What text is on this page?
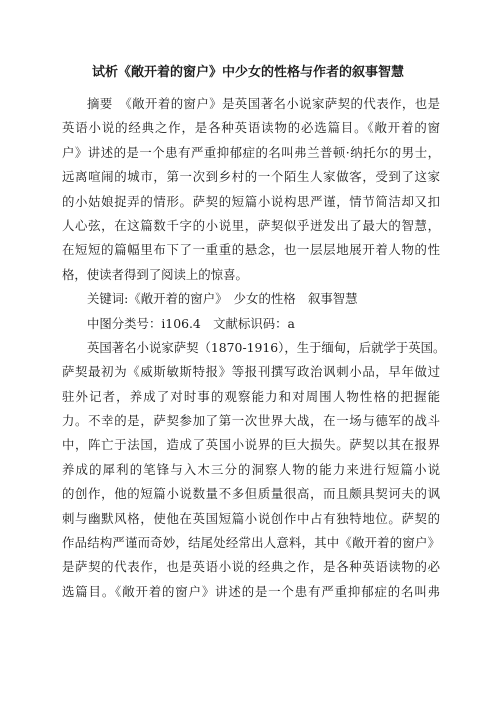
试析《敞开着的窗户》中少女的性格与作者的叙事智慧
摘要　《敞开着的窗户》是英国著名小说家萨契的代表作，也是
英语小说的经典之作，是各种英语读物的必选篇目。《敞开着的窗
户》讲述的是一个患有严重抑郁症的名叫弗兰普顿·纳托尔的男士，
远离喧闹的城市，第一次到乡村的一个陌生人家做客，受到了这家
的小姑娘捉弄的情形。萨契的短篇小说构思严谨，情节简洁却又扣
人心弦，在这篇数千字的小说里，萨契似乎迸发出了最大的智慧，
在短短的篇幅里布下了一重重的悬念，也一层层地展开着人物的性
格，使读者得到了阅读上的惊喜。
关键词:《敞开着的窗户》　少女的性格　叙事智慧
中图分类号：i106.4　文献标识码：a
英国著名小说家萨契（1870-1916），生于缅甸，后就学于英国。
萨契最初为《威斯敏斯特报》等报刊撰写政治讽刺小品，早年做过
驻外记者，养成了对时事的观察能力和对周围人物性格的把握能
力。不幸的是，萨契参加了第一次世界大战，在一场与德军的战斗
中，阵亡于法国，造成了英国小说界的巨大损失。萨契以其在报界
养成的犀利的笔锋与入木三分的洞察人物的能力来进行短篇小说
的创作，他的短篇小说数量不多但质量很高，而且颇具契诃夫的讽
刺与幽默风格，使他在英国短篇小说创作中占有独特地位。萨契的
作品结构严谨而奇妙，结尾处经常出人意料，其中《敞开着的窗户》
是萨契的代表作，也是英语小说的经典之作，是各种英语读物的必
选篇目。《敞开着的窗户》讲述的是一个患有严重抑郁症的名叫弗
